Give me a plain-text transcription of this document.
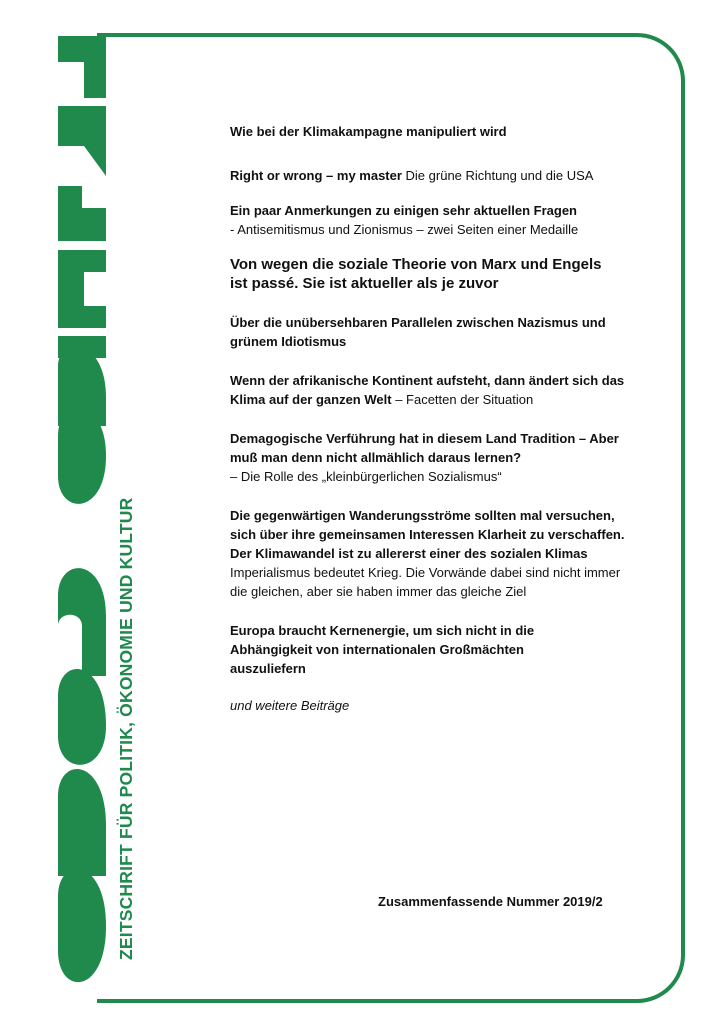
ZEITSCHRIFT FÜR POLITIK, ÖKONOMIE UND KULTUR

Wie bei der Klimakampagne manipuliert wird

Right or wrong – my master Die grüne Richtung und die USA

Ein paar Anmerkungen zu einigen sehr aktuellen Fragen
- Antisemitismus und Zionismus – zwei Seiten einer Medaille

Von wegen die soziale Theorie von Marx und Engels ist passé. Sie ist aktueller als je zuvor

Über die unübersehbaren Parallelen zwischen Nazismus und grünem Idiotismus

Wenn der afrikanische Kontinent aufsteht, dann ändert sich das Klima auf der ganzen Welt – Facetten der Situation

Demagogische Verführung hat in diesem Land Tradition – Aber muß man denn nicht allmählich daraus lernen?
– Die Rolle des „kleinbürgerlichen Sozialismus“

Die gegenwärtigen Wanderungsströme sollten mal versuchen, sich über ihre gemeinsamen Interessen Klarheit zu verschaffen. Der Klimawandel ist zu allererst einer des sozialen Klimas
Imperialismus bedeutet Krieg. Die Vorwände dabei sind nicht immer die gleichen, aber sie haben immer das gleiche Ziel

Europa braucht Kernenergie, um sich nicht in die Abhängigkeit von internationalen Großmächten auszuliefern

und weitere Beiträge

Zusammenfassende Nummer 2019/2
